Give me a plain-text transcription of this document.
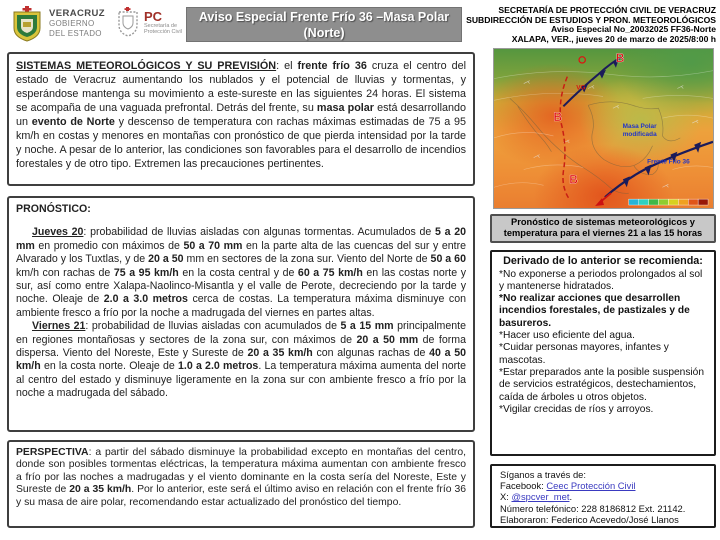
VERACRUZ
GOBIERNO
DEL ESTADO
PC
Secretaría de
Protección Civil
Aviso Especial Frente Frío 36 –Masa Polar
(Norte)
SECRETARÍA DE PROTECCIÓN CIVIL DE VERACRUZ
SUBDIRECCIÓN DE ESTUDIOS Y PRON. METEOROLÓGICOS
Aviso Especial No_20032025 FF36-Norte
XALAPA, VER., jueves 20 de marzo de 2025/8:00 h
SISTEMAS METEOROLÓGICOS Y SU PREVISIÓN: el frente frío 36 cruza el centro del estado de Veracruz aumentando los nublados y el potencial de lluvias y tormentas, y esperándose mantenga su movimiento a este-sureste en las siguientes 24 horas. El sistema se acompaña de una vaguada prefrontal. Detrás del frente, su masa polar está desarrollando un evento de Norte y descenso de temperatura con rachas máximas estimadas de 75 a 95 km/h en costas y menores en montañas con pronóstico de que pierda intensidad por la tarde y noche. A pesar de lo anterior, las condiciones son favorables para el desarrollo de incendios forestales y de otro tipo. Extremen las precauciones pertinentes.
PRONÓSTICO:
Jueves 20: probabilidad de lluvias aisladas con algunas tormentas. Acumulados de 5 a 20 mm en promedio con máximos de 50 a 70 mm en la parte alta de las cuencas del sur y entre Alvarado y los Tuxtlas, y de 20 a 50 mm en sectores de la zona sur. Viento del Norte de 50 a 60 km/h con rachas de 75 a 95 km/h en la costa central y de 60 a 75 km/h en las costas norte y sur, así como entre Xalapa-Naolinco-Misantla y el valle de Perote, decreciendo por la tarde y noche. Oleaje de 2.0 a 3.0 metros cerca de costas. La temperatura máxima disminuye con ambiente fresco a frío por la noche a madrugada del viernes en partes altas.
Viernes 21: probabilidad de lluvias aisladas con acumulados de 5 a 15 mm principalmente en regiones montañosas y sectores de la zona sur, con máximos de 20 a 50 mm de forma dispersa. Viento del Noreste, Este y Sureste de 20 a 35 km/h con algunas rachas de 40 a 50 km/h en la costa norte. Oleaje de 1.0 a 2.0 metros. La temperatura máxima aumenta del norte al centro del estado y disminuye ligeramente en la zona sur con ambiente fresco a frío por la noche a madrugada del sábado.
PERSPECTIVA: a partir del sábado disminuye la probabilidad excepto en montañas del centro, donde son posibles tormentas eléctricas, la temperatura máxima aumentan con ambiente fresco a frío por las noches a madrugadas y el viento dominante en la costa sería del Noreste, Este y Sureste de 20 a 35 km/h. Por lo anterior, este será el último aviso en relación con el frente frío 36 y su masa de aire polar, recomendando estar actualizado del pronóstico del tiempo.
B
B
B
VG
Masa Polar
modificada
Frente Frío 36
Pronóstico de sistemas meteorológicos y temperatura para el viernes 21 a las 15 horas
Derivado de lo anterior se recomienda:
*No exponerse a periodos prolongados al sol y mantenerse hidratados.
*No realizar acciones que desarrollen incendios forestales, de pastizales y de basureros.
*Hacer uso eficiente del agua.
*Cuidar personas mayores, infantes y mascotas.
*Estar preparados ante la posible suspensión de servicios estratégicos, destechamientos, caída de árboles u otros objetos.
*Vigilar crecidas de ríos y arroyos.
Síganos a través de:
Facebook: Ceec Protección Civil
X: @spcver_met.
Número telefónico: 228 8186812 Ext. 21142.
Elaboraron: Federico Acevedo/José Llanos
